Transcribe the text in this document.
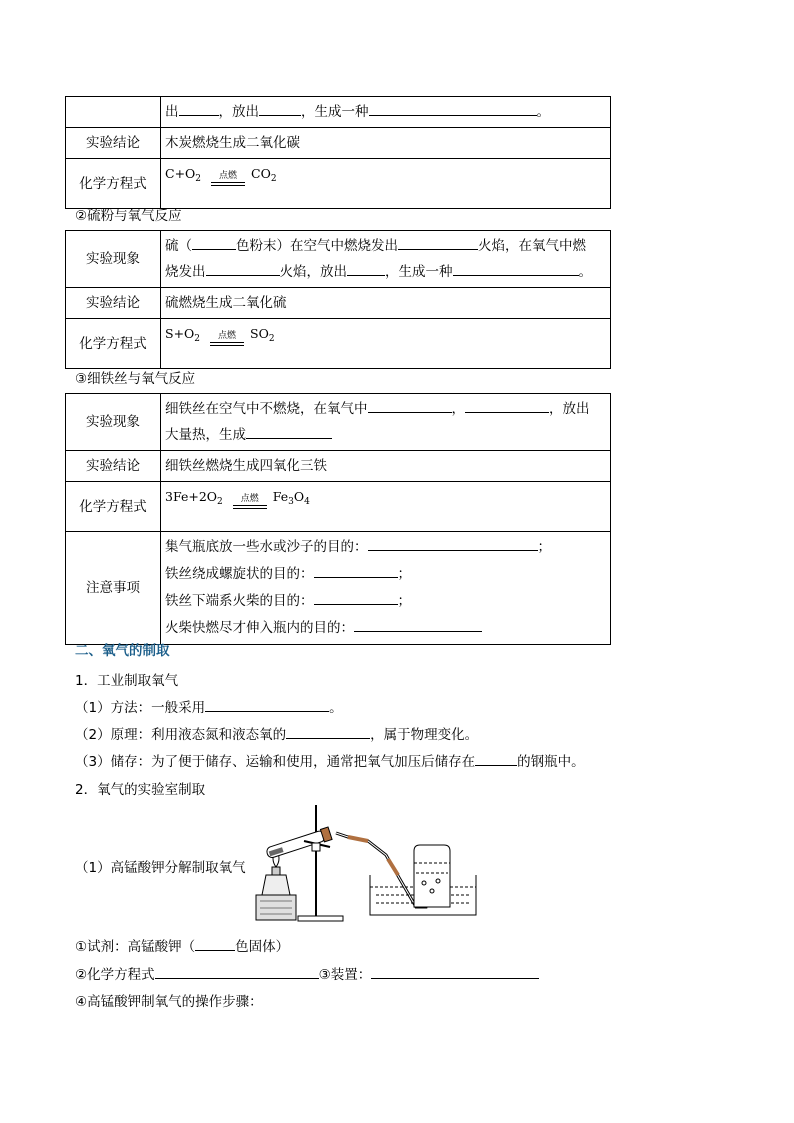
	出 ，放出 ，生成一种 。
实验结论	木炭燃烧生成二氧化碳
化学方程式	$C+O_2$ 点燃 $CO_2$
②硫粉与氧气反应
实验现象	硫（ 色粉末）在空气中燃烧发出 火焰，在氧气中燃
烧发出 火焰，放出 ，生成一种 。
实验结论	硫燃烧生成二氧化硫
化学方程式	$S+O_2$ 点燃 $SO_2$
③细铁丝与氧气反应
实验现象	细铁丝在空气中不燃烧，在氧气中 ， ，放出
大量热，生成
实验结论	细铁丝燃烧生成四氧化三铁
化学方程式	$3Fe+2O_2$ 点燃 $Fe_3O_4$

注意事项	集气瓶底放一些水或沙子的目的： ；
铁丝绕成螺旋状的目的： ；
铁丝下端系火柴的目的： ；
火柴快燃尽才伸入瓶内的目的：
二、氧气的制取
1．工业制取氧气
（1）方法：一般采用	。
（2）原理：利用液态氮和液态氧的	，属于物理变化。
（3）储存：为了便于储存、运输和使用，通常把氧气加压后储存在	的钢瓶中。
2．氧气的实验室制取
（1）高锰酸钾分解制取氧气
①试剂：高锰酸钾（	色固体）
②化学方程式	③装置：
④高锰酸钾制氧气的操作步骤：
